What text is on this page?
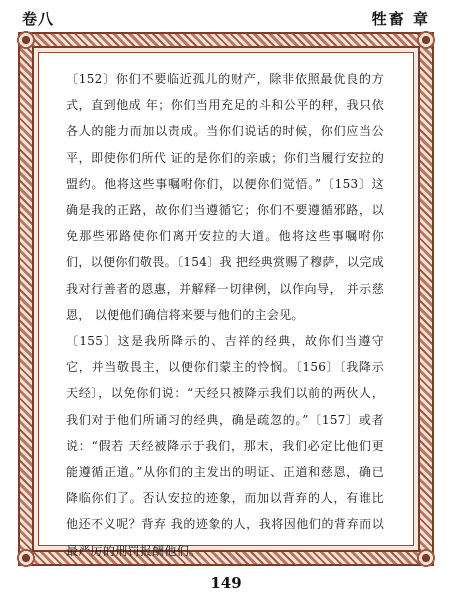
卷八	牲畜 章

〔152〕你们不要临近孤儿的财产，除非依照最优良的方式，直到他成 年；你们当用充足的斗和公平的秤，我只依各人的能力而加以责成。当你们说话的时候，你们应当公平，即使你们所代 证的是你们的亲戚；你们当履行安拉的盟约。他将这些事嘱咐你们，以便你们觉悟。”〔153〕这确是我的正路，故你们当遵循它；你们不要遵循邪路，以免那些邪路使你们离开安拉的大道。他将这些事嘱咐你们，以便你们敬畏。〔154〕我 把经典赏赐了穆萨，以完成我对行善者的恩惠，并解释一切律例，以作向导， 并示慈恩， 以便他们确信将来要与他们的主会见。

〔155〕这是我所降示的、吉祥的经典，故你们当遵守它，并当敬畏主，以便你们蒙主的怜悯。〔156〕〔我降示天经〕，以免你们说：“天经只被降示我们以前的两伙人， 我们对于他们所诵习的经典，确是疏忽的。”〔157〕或者说：“假若 天经被降示于我们，那末，我们必定比他们更能遵循正道。”从你们的主发出的明证、正道和慈恩，确已降临你们了。否认安拉的迹象，而加以背弃的人，有谁比他还不义呢？背弃 我的迹象的人，我将因他们的背弃而以最严厉的刑罚报酬他们。

149
